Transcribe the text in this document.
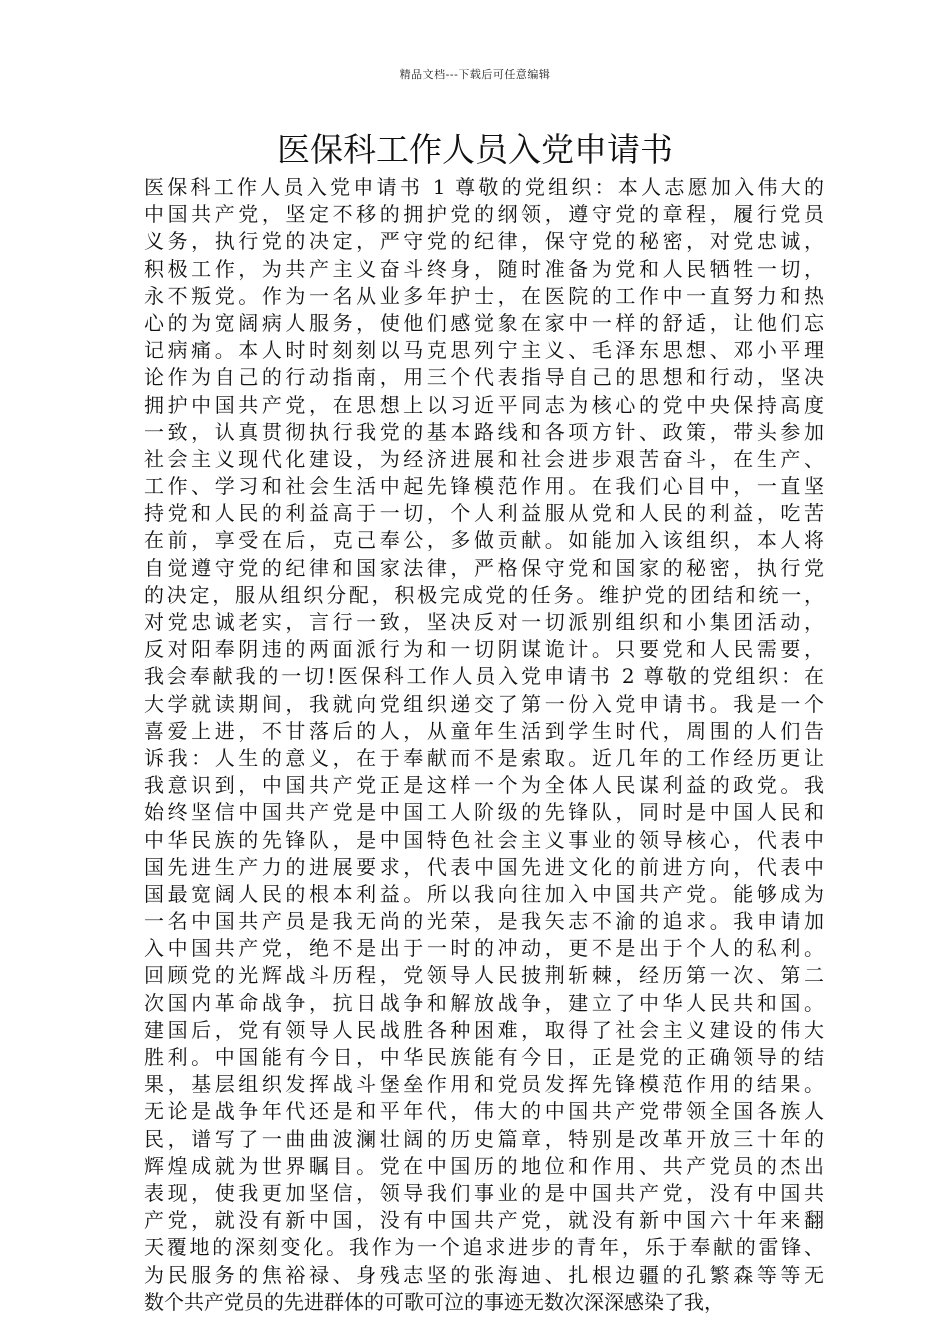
精品文档---下载后可任意编辑
医保科工作人员入党申请书
医保科工作人员入党申请书 1 尊敬的党组织：本人志愿加入伟大的
中国共产党，坚定不移的拥护党的纲领，遵守党的章程，履行党员
义务，执行党的决定，严守党的纪律，保守党的秘密，对党忠诚，
积极工作，为共产主义奋斗终身，随时准备为党和人民牺牲一切，
永不叛党。作为一名从业多年护士，在医院的工作中一直努力和热
心的为宽阔病人服务，使他们感觉象在家中一样的舒适，让他们忘
记病痛。本人时时刻刻以马克思列宁主义、毛泽东思想、邓小平理
论作为自己的行动指南，用三个代表指导自己的思想和行动，坚决
拥护中国共产党，在思想上以习近平同志为核心的党中央保持高度
一致，认真贯彻执行我党的基本路线和各项方针、政策，带头参加
社会主义现代化建设，为经济进展和社会进步艰苦奋斗，在生产、
工作、学习和社会生活中起先锋模范作用。在我们心目中，一直坚
持党和人民的利益高于一切，个人利益服从党和人民的利益，吃苦
在前，享受在后，克己奉公，多做贡献。如能加入该组织，本人将
自觉遵守党的纪律和国家法律，严格保守党和国家的秘密，执行党
的决定，服从组织分配，积极完成党的任务。维护党的团结和统一，
对党忠诚老实，言行一致，坚决反对一切派别组织和小集团活动，
反对阳奉阴违的两面派行为和一切阴谋诡计。只要党和人民需要，
我会奉献我的一切!医保科工作人员入党申请书 2 尊敬的党组织：在
大学就读期间，我就向党组织递交了第一份入党申请书。我是一个
喜爱上进，不甘落后的人，从童年生活到学生时代，周围的人们告
诉我：人生的意义，在于奉献而不是索取。近几年的工作经历更让
我意识到，中国共产党正是这样一个为全体人民谋利益的政党。我
始终坚信中国共产党是中国工人阶级的先锋队，同时是中国人民和
中华民族的先锋队，是中国特色社会主义事业的领导核心，代表中
国先进生产力的进展要求，代表中国先进文化的前进方向，代表中
国最宽阔人民的根本利益。所以我向往加入中国共产党。能够成为
一名中国共产员是我无尚的光荣，是我矢志不渝的追求。我申请加
入中国共产党，绝不是出于一时的冲动，更不是出于个人的私利。
回顾党的光辉战斗历程，党领导人民披荆斩棘，经历第一次、第二
次国内革命战争，抗日战争和解放战争，建立了中华人民共和国。
建国后，党有领导人民战胜各种困难，取得了社会主义建设的伟大
胜利。中国能有今日，中华民族能有今日，正是党的正确领导的结
果，基层组织发挥战斗堡垒作用和党员发挥先锋模范作用的结果。
无论是战争年代还是和平年代，伟大的中国共产党带领全国各族人
民，谱写了一曲曲波澜壮阔的历史篇章，特别是改革开放三十年的
辉煌成就为世界瞩目。党在中国历的地位和作用、共产党员的杰出
表现，使我更加坚信，领导我们事业的是中国共产党，没有中国共
产党，就没有新中国，没有中国共产党，就没有新中国六十年来翻
天覆地的深刻变化。我作为一个追求进步的青年，乐于奉献的雷锋、
为民服务的焦裕禄、身残志坚的张海迪、扎根边疆的孔繁森等等无
数个共产党员的先进群体的可歌可泣的事迹无数次深深感染了我，
